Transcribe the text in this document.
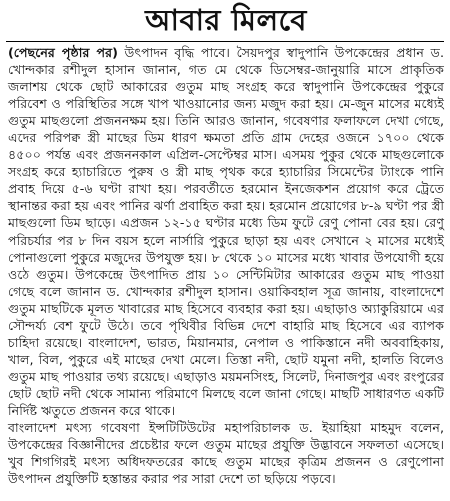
আবার মিলবে

(পেছনের পৃষ্ঠার পর) উৎপাদন বৃদ্ধি পাবে। সৈয়দপুর স্বাদুপানি উপকেন্দ্রের প্রধান ড. খোন্দকার রশীদুল হাসান জানান, গত মে থেকে ডিসেম্বর-জানুয়ারি মাসে প্রাকৃতিক জলাশয় থেকে ছোট আকারের গুতুম মাছ সংগ্রহ করে স্বাদুপানি উপকেন্দ্রের পুকুরে পরিবেশ ও পরিস্থিতির সঙ্গে খাপ খাওয়ানোর জন্য মজুদ করা হয়। মে-জুন মাসের মধ্যেই গুতুম মাছগুলো প্রজননক্ষম হয়। তিনি আরও জানান, গবেষণার ফলাফলে দেখা গেছে, এদের পরিপক্ব স্ত্রী মাছের ডিম ধারণ ক্ষমতা প্রতি গ্রাম দেহের ওজনে ১৭০০ থেকে ৪৫০০ পর্যন্ত এবং প্রজননকাল এপ্রিল-সেপ্টেম্বর মাস। এসময় পুকুর থেকে মাছগুলোকে সংগ্রহ করে হ্যাচারিতে পুরুষ ও স্ত্রী মাছ পৃথক করে হ্যাচারির সিমেন্টের ট্যাংকে পানি প্রবাহ দিয়ে ৫-৬ ঘণ্টা রাখা হয়। পরবর্তীতে হরমোন ইনজেকশন প্রয়োগ করে ট্রেতে স্থানান্তর করা হয় এবং পানির ঝর্ণা প্রবাহিত করা হয়। হরমোন প্রয়োগের ৮-৯ ঘণ্টা পর স্ত্রী মাছগুলো ডিম ছাড়ে। এপ্রজন ১২-১৫ ঘণ্টার মধ্যে ডিম ফুটে রেণু পোনা বের হয়। রেণু পরিচর্যার পর ৮ দিন বয়স হলে নার্সারি পুকুরে ছাড়া হয় এবং সেখানে ২ মাসের মধ্যেই পোনাগুলো পুকুরে মজুদের উপযুক্ত হয়। ৮ থেকে ১০ মাসের মধ্যে খাবার উপযোগী হয়ে ওঠে গুতুম। উপকেন্দ্রে উৎপাদিত প্রায় ১০ সেন্টিমিটার আকারের গুতুম মাছ পাওয়া গেছে বলে জানান ড. খোন্দকার রশীদুল হাসান। ওয়াকিবহাল সূত্র জানায়, বাংলাদেশে গুতুম মাছটিকে মূলত খাবারের মাছ হিসেবে ব্যবহার করা হয়। এছাড়াও অ্যাকুরিয়ামে এর সৌন্দর্য্য বেশ ফুটে উঠে। তবে পৃথিবীর বিভিন্ন দেশে বাহারি মাছ হিসেবে এর ব্যাপক চাহিদা রয়েছে। বাংলাদেশ, ভারত, মিয়ানমার, নেপাল ও পাকিস্তানে নদী অববাহিকায়, খাল, বিল, পুকুরে এই মাছের দেখা মেলে। তিস্তা নদী, ছোট যমুনা নদী, হালতি বিলেও গুতুম মাছ পাওয়ার তথ্য রয়েছে। এছাড়াও ময়মনসিংহ, সিলেট, দিনাজপুর এবং রংপুরের ছোট ছোট নদী থেকে সামান্য পরিমাণে মিলছে বলে জানা গেছে। মাছটি সাধারণত একটি নির্দিষ্ট ঋতুতে প্রজনন করে থাকে।

বাংলাদেশ মৎস্য গবেষণা ইন্সটিটিউটের মহাপরিচালক ড. ইয়াহিয়া মাহমুদ বলেন, উপকেন্দ্রের বিজ্ঞানীদের প্রচেষ্টার ফলে গুতুম মাছের প্রযুক্তি উদ্ভাবনে সফলতা এসেছে। খুব শিগগিরই মৎস্য অধিদফতরের কাছে গুতুম মাছের কৃত্রিম প্রজনন ও রেণুপোনা উৎপাদন প্রযুক্তিটি হস্তান্তর করার পর সারা দেশে তা ছড়িয়ে পড়বে।
